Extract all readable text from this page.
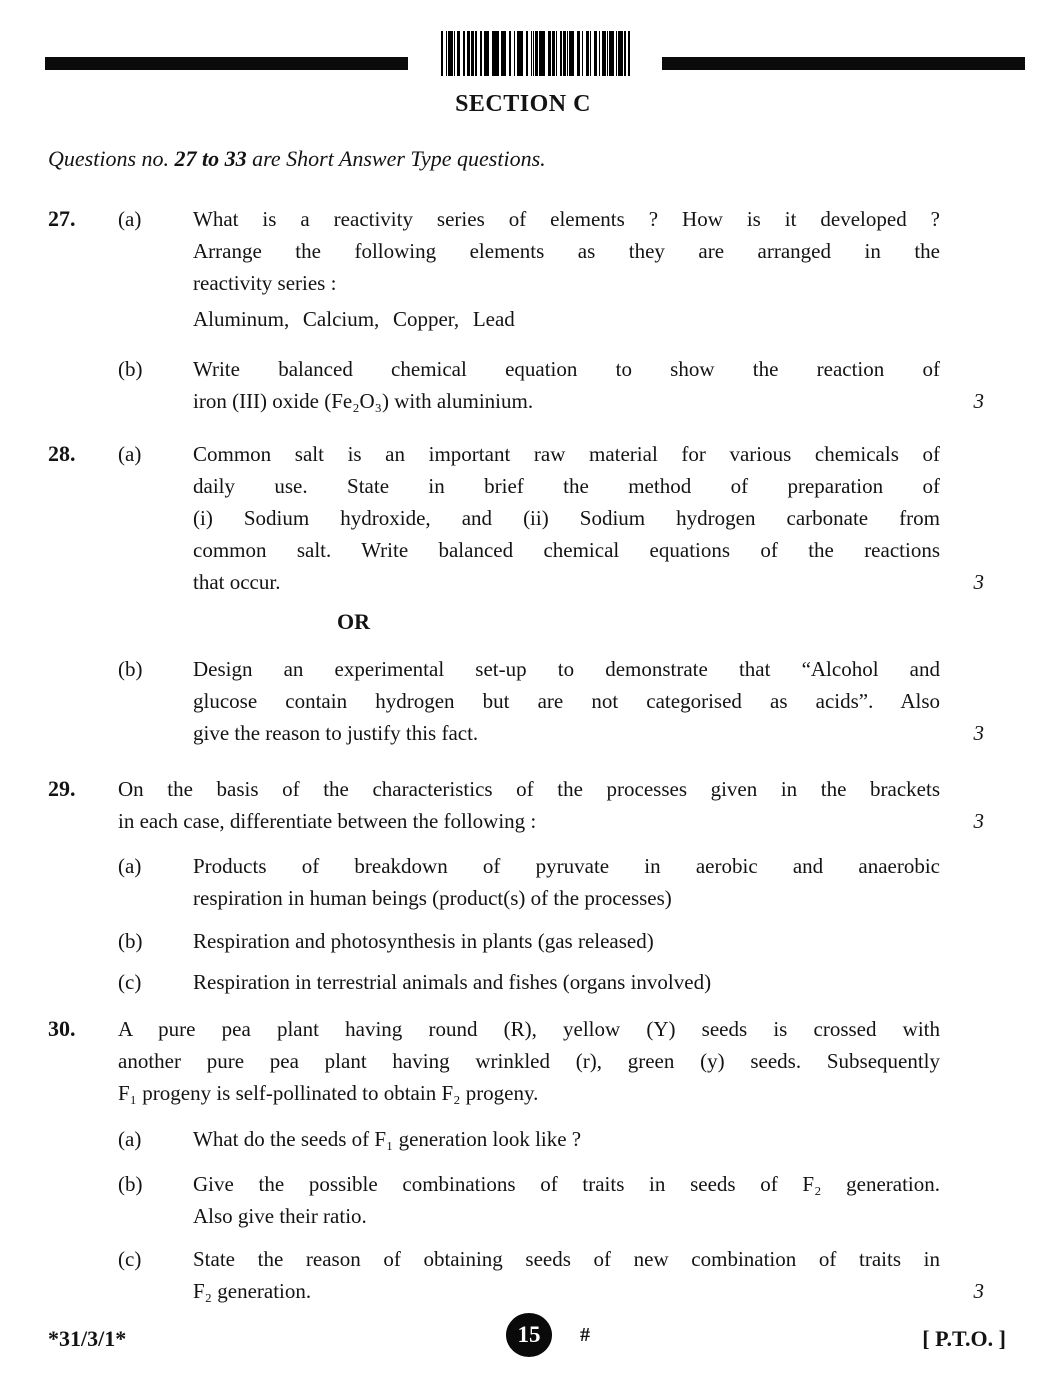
SECTION C
Questions no. 27 to 33 are Short Answer Type questions.
27. (a)	What is a reactivity series of elements ? How is it developed ?
Arrange the following elements as they are arranged in the
reactivity series :
Aluminum, Calcium, Copper, Lead
(b)	Write balanced chemical equation to show the reaction of
iron (III) oxide (Fe₂O₃) with aluminium.	3
28. (a)	Common salt is an important raw material for various chemicals of
daily use. State in brief the method of preparation of
(i) Sodium hydroxide, and (ii) Sodium hydrogen carbonate from
common salt. Write balanced chemical equations of the reactions
that occur.	3
OR
(b)	Design an experimental set-up to demonstrate that “Alcohol and
glucose contain hydrogen but are not categorised as acids”. Also
give the reason to justify this fact.	3
29. On the basis of the characteristics of the processes given in the brackets
in each case, differentiate between the following :	3
(a)	Products of breakdown of pyruvate in aerobic and anaerobic
respiration in human beings (product(s) of the processes)
(b)	Respiration and photosynthesis in plants (gas released)
(c)	Respiration in terrestrial animals and fishes (organs involved)
30. A pure pea plant having round (R), yellow (Y) seeds is crossed with
another pure pea plant having wrinkled (r), green (y) seeds. Subsequently
F₁ progeny is self-pollinated to obtain F₂ progeny.
(a)	What do the seeds of F₁ generation look like ?
(b)	Give the possible combinations of traits in seeds of F₂ generation.
Also give their ratio.
(c)	State the reason of obtaining seeds of new combination of traits in
F₂ generation.	3
*31/3/1*	15 #	[ P.T.O. ]
